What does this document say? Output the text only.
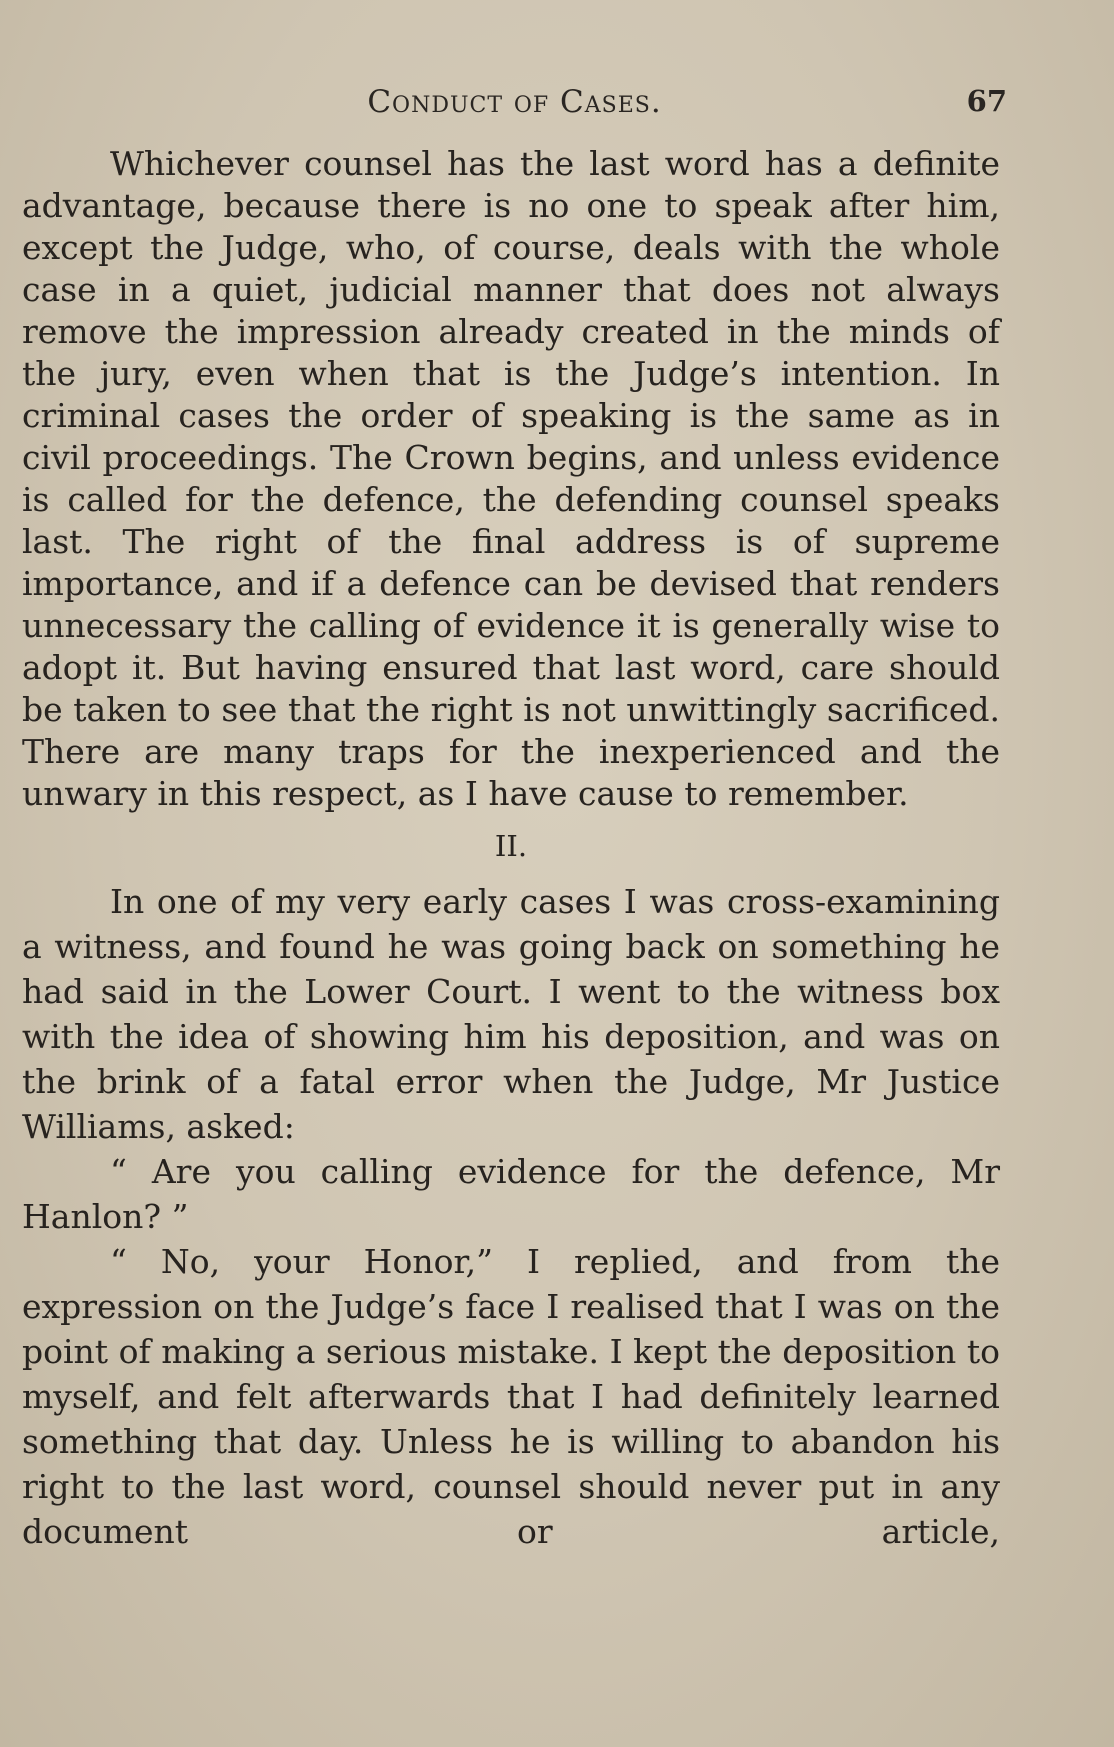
Conduct of Cases.	67

Whichever counsel has the last word has a definite advantage, because there is no one to speak after him, except the Judge, who, of course, deals with the whole case in a quiet, judicial manner that does not always remove the impression already created in the minds of the jury, even when that is the Judge’s intention. In criminal cases the order of speaking is the same as in civil proceedings. The Crown begins, and unless evidence is called for the defence, the defending counsel speaks last. The right of the final address is of supreme importance, and if a defence can be devised that renders unnecessary the calling of evidence it is generally wise to adopt it. But having ensured that last word, care should be taken to see that the right is not unwittingly sacrificed. There are many traps for the inexperienced and the unwary in this respect, as I have cause to remember.

II.

In one of my very early cases I was cross-examining a witness, and found he was going back on something he had said in the Lower Court. I went to the witness box with the idea of showing him his deposition, and was on the brink of a fatal error when the Judge, Mr Justice Williams, asked:

“ Are you calling evidence for the defence, Mr Hanlon? ”

“ No, your Honor,” I replied, and from the expression on the Judge’s face I realised that I was on the point of making a serious mistake. I kept the deposition to myself, and felt afterwards that I had definitely learned something that day. Unless he is willing to abandon his right to the last word, counsel should never put in any document or article,
